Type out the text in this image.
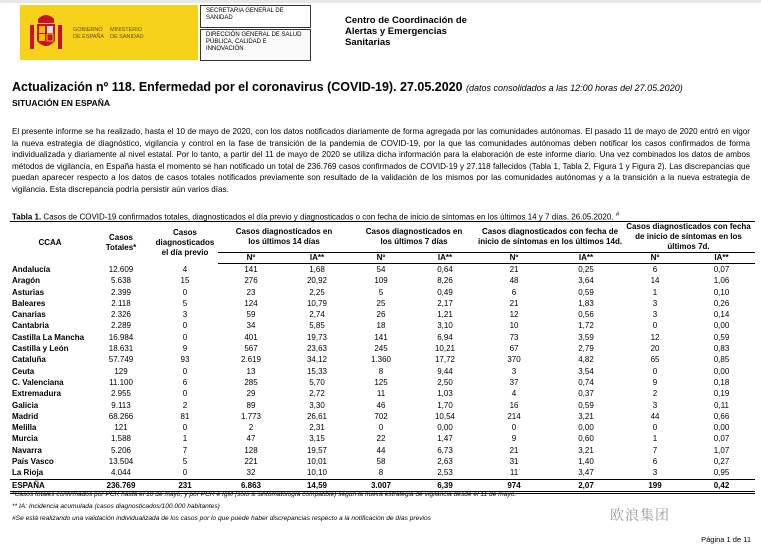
GOBIERNO DE ESPAÑA
MINISTERIO DE SANIDAD
SECRETARIA GENERAL DE SANIDAD
DIRECCIÓN GENERAL DE SALUD PÚBLICA, CALIDAD E INNOVACIÓN
Centro de Coordinación de
Alertas y Emergencias
Sanitarias
Actualización nº 118. Enfermedad por el coronavirus (COVID-19). 27.05.2020 (datos consolidados a las 12:00 horas del 27.05.2020)
SITUACIÓN EN ESPAÑA
El presente informe se ha realizado, hasta el 10 de mayo de 2020, con los datos notificados diariamente de forma agregada por las comunidades autónomas. El pasado 11 de mayo de 2020 entró en vigor la nueva estrategia de diagnóstico, vigilancia y control en la fase de transición de la pandemia de COVID-19, por la que las comunidades autónomas deben notificar los casos confirmados de forma individualizada y diariamente al nivel estatal. Por lo tanto, a partir del 11 de mayo de 2020 se utiliza dicha información para la elaboración de este informe diario. Una vez combinados los datos de ambos métodos de vigilancia, en España hasta el momento se han notificado un total de 236.769 casos confirmados de COVID-19 y 27.118 fallecidos (Tabla 1, Tabla 2, Figura 1 y Figura 2). Las discrepancias que puedan aparecer respecto a los datos de casos totales notificados previamente son resultado de la validación de los mismos por las comunidades autónomas y a la transición a la nueva estrategia de vigilancia. Esta discrepancia podría persistir aún varios días.
Tabla 1. Casos de COVID-19 confirmados totales, diagnosticados el día previo y diagnosticados o con fecha de inicio de síntomas en los últimos 14 y 7 días. 26.05.2020. #
CCAA	Casos Totales*	Casos diagnosticados el día previo	Casos diagnosticados en los últimos 14 días		Casos diagnosticados en los últimos 7 días		Casos diagnosticados con fecha de inicio de síntomas en los últimos 14d.		Casos diagnosticados con fecha de inicio de síntomas en los últimos 7d.	
			Nº	IA**	Nº	IA**	Nº	IA**	Nº	IA**
Andalucía	12.609	4	141	1,68	54	0,64	21	0,25	6	0,07
Aragón	5.638	15	276	20,92	109	8,26	48	3,64	14	1,06
Asturias	2.399	0	23	2,25	5	0,49	6	0,59	1	0,10
Baleares	2.118	5	124	10,79	25	2,17	21	1,83	3	0,26
Canarias	2.326	3	59	2,74	26	1,21	12	0,56	3	0,14
Cantabria	2.289	0	34	5,85	18	3,10	10	1,72	0	0,00
Castilla La Mancha	16.984	0	401	19,73	141	6,94	73	3,59	12	0,59
Castilla y León	18.631	9	567	23,63	245	10,21	67	2,79	20	0,83
Cataluña	57.749	93	2.619	34,12	1.360	17,72	370	4,82	65	0,85
Ceuta	129	0	13	15,33	8	9,44	3	3,54	0	0,00
C. Valenciana	11.100	6	285	5,70	125	2,50	37	0,74	9	0,18
Extremadura	2.955	0	29	2,72	11	1,03	4	0,37	2	0,19
Galicia	9.113	2	89	3,30	46	1,70	16	0,59	3	0,11
Madrid	68.266	81	1.773	26,61	702	10,54	214	3,21	44	0,66
Melilla	121	0	2	2,31	0	0,00	0	0,00	0	0,00
Murcia	1.588	1	47	3,15	22	1,47	9	0,60	1	0,07
Navarra	5.206	7	128	19,57	44	6,73	21	3,21	7	1,07
País Vasco	13.504	5	221	10,01	58	2,63	31	1,40	6	0,27
La Rioja	4.044	0	32	10,10	8	2,53	11	3,47	3	0,95
ESPAÑA	236.769	231	6.863	14,59	3.007	6,39	974	2,07	199	0,42
*Casos totales confirmados por PCR hasta el 10 de mayo, y por PCR e IgM (sólo si sintomatología compatible) según la nueva estrategia de vigilancia desde el 11 de mayo.
** IA: Incidencia acumulada (casos diagnosticados/100.000 habitantes)
#Se está realizando una validación individualizada de los casos por lo que puede haber discrepancias respecto a la notificación de días previos	欧浪集团
Página 1 de 11
